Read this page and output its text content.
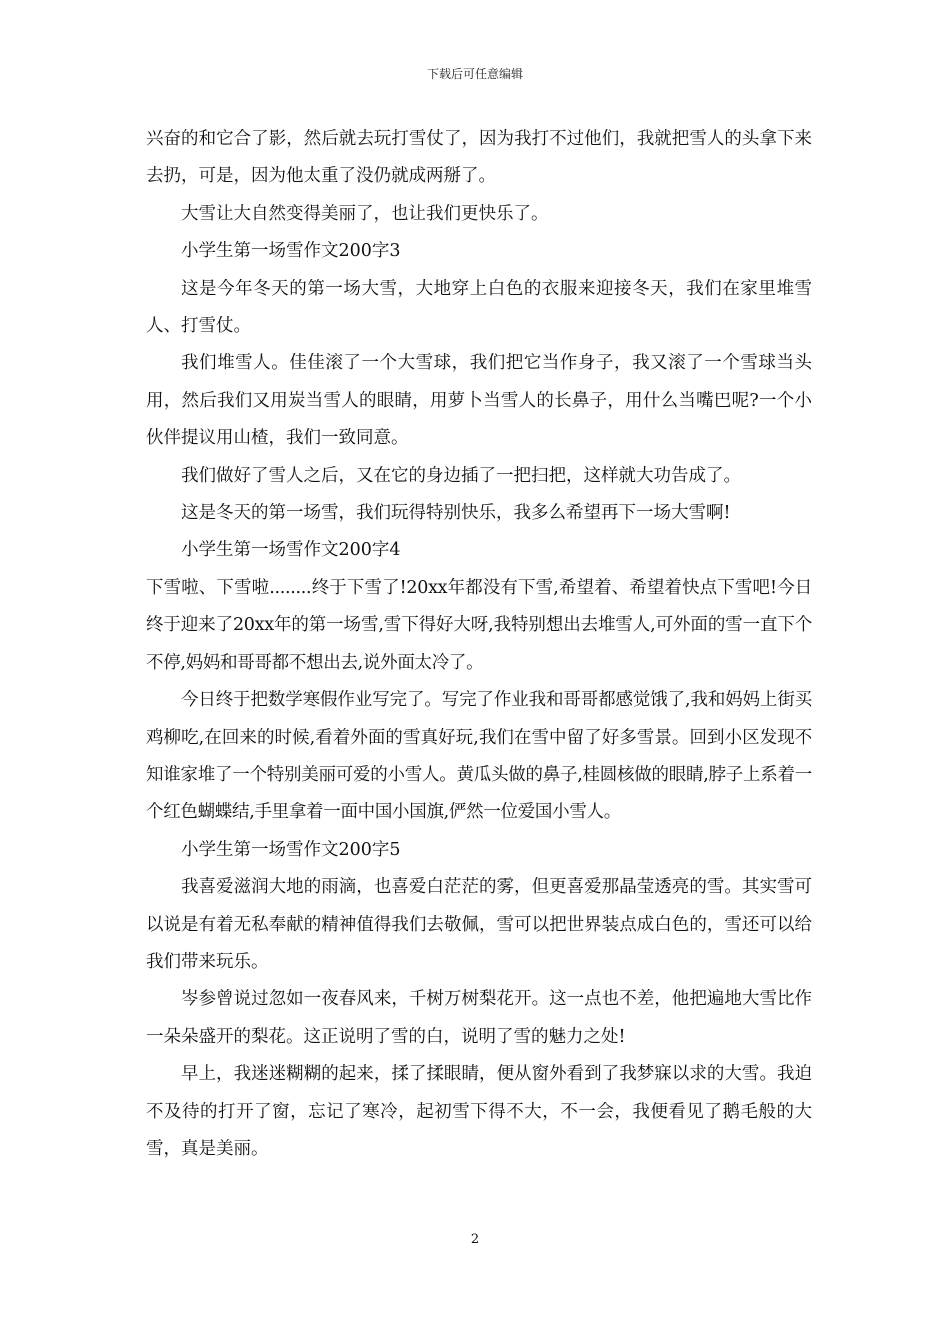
下载后可任意编辑

兴奋的和它合了影，然后就去玩打雪仗了，因为我打不过他们，我就把雪人的头拿下来去扔，可是，因为他太重了没仍就成两掰了。

大雪让大自然变得美丽了，也让我们更快乐了。

小学生第一场雪作文200字3

这是今年冬天的第一场大雪，大地穿上白色的衣服来迎接冬天，我们在家里堆雪人、打雪仗。

我们堆雪人。佳佳滚了一个大雪球，我们把它当作身子，我又滚了一个雪球当头用，然后我们又用炭当雪人的眼睛，用萝卜当雪人的长鼻子，用什么当嘴巴呢?一个小伙伴提议用山楂，我们一致同意。

我们做好了雪人之后，又在它的身边插了一把扫把，这样就大功告成了。

这是冬天的第一场雪，我们玩得特别快乐，我多么希望再下一场大雪啊!

小学生第一场雪作文200字4

下雪啦、下雪啦........终于下雪了!20xx年都没有下雪,希望着、希望着快点下雪吧!今日终于迎来了20xx年的第一场雪,雪下得好大呀,我特别想出去堆雪人,可外面的雪一直下个不停,妈妈和哥哥都不想出去,说外面太冷了。

今日终于把数学寒假作业写完了。写完了作业我和哥哥都感觉饿了,我和妈妈上街买鸡柳吃,在回来的时候,看着外面的雪真好玩,我们在雪中留了好多雪景。回到小区发现不知谁家堆了一个特别美丽可爱的小雪人。黄瓜头做的鼻子,桂圆核做的眼睛,脖子上系着一个红色蝴蝶结,手里拿着一面中国小国旗,俨然一位爱国小雪人。

小学生第一场雪作文200字5

我喜爱滋润大地的雨滴，也喜爱白茫茫的雾，但更喜爱那晶莹透亮的雪。其实雪可以说是有着无私奉献的精神值得我们去敬佩，雪可以把世界装点成白色的，雪还可以给我们带来玩乐。

岑参曾说过忽如一夜春风来，千树万树梨花开。这一点也不差，他把遍地大雪比作一朵朵盛开的梨花。这正说明了雪的白，说明了雪的魅力之处!

早上，我迷迷糊糊的起来，揉了揉眼睛，便从窗外看到了我梦寐以求的大雪。我迫不及待的打开了窗，忘记了寒冷，起初雪下得不大，不一会，我便看见了鹅毛般的大雪，真是美丽。

2
